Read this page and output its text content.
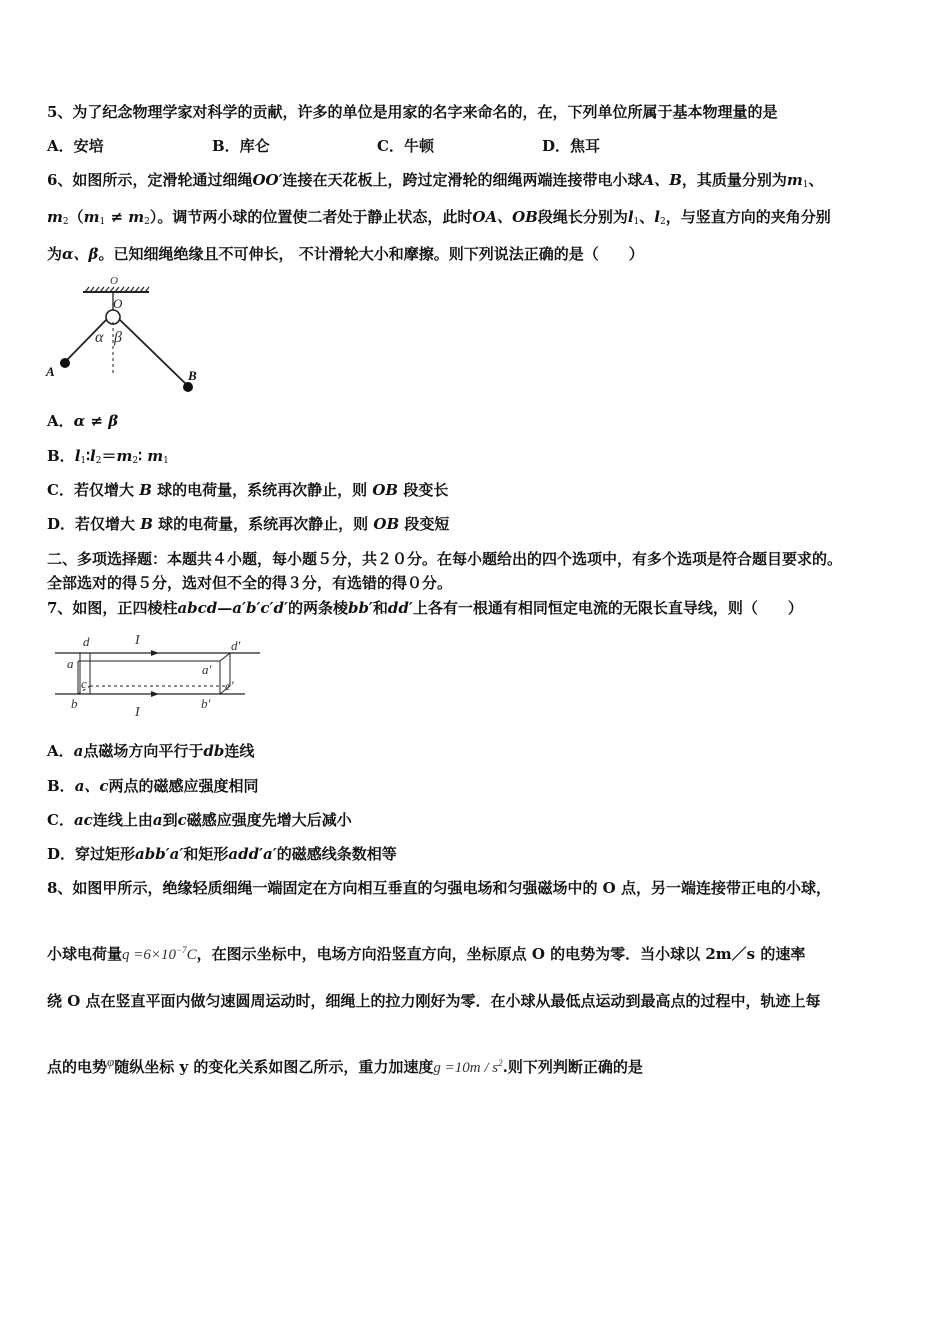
5、为了纪念物理学家对科学的贡献，许多的单位是用家的名字来命名的，在，下列单位所属于基本物理量的是
A．安培	B．库仑	C．牛顿	D．焦耳
6、如图所示，定滑轮通过细绳OO′连接在天花板上，跨过定滑轮的细绳两端连接带电小球A、B，其质量分别为$m_1$、
$m_2(m_1 \ne m_2)$。调节两小球的位置使二者处于静止状态，此时OA、OB段绳长分别为$l_1$、$l_2$，与竖直方向的夹角分别
为α、β。已知细绳绝缘且不可伸长， 不计滑轮大小和摩擦。则下列说法正确的是（　　）
O
O
α β
A	B
A．α ≠ β
B．$l_1∶l_2=m_2∶$ $m_1$
C．若仅增大 B 球的电荷量，系统再次静止，则 OB 段变长
D．若仅增大 B 球的电荷量，系统再次静止，则 OB 段变短
二、多项选择题：本题共４小题，每小题５分，共２０分。在每小题给出的四个选项中，有多个选项是符合题目要求的。
全部选对的得５分，选对但不全的得３分，有选错的得０分。
7、如图，正四棱柱abcd—a′b′c′d′的两条棱bb′和dd′上各有一根通有相同恒定电流的无限长直导线，则（　　）
d	I	d′
a	a′
c	c′
b	b′
I
A．a点磁场方向平行于db连线
B．a、c两点的磁感应强度相同
C．ac连线上由a到c磁感应强度先增大后减小
D．穿过矩形abb′a′和矩形add′a′的磁感线条数相等
8、如图甲所示，绝缘轻质细绳一端固定在方向相互垂直的匀强电场和匀强磁场中的 O 点，另一端连接带正电的小球，
小球电荷量$q =6\times 10^{-7}C$，在图示坐标中，电场方向沿竖直方向，坐标原点 O 的电势为零．当小球以 2m／s 的速率
绕 O 点在竖直平面内做匀速圆周运动时，细绳上的拉力刚好为零．在小球从最低点运动到最高点的过程中，轨迹上每
点的电势φ随纵坐标 y 的变化关系如图乙所示，重力加速度$g =10m / s^2$.则下列判断正确的是
